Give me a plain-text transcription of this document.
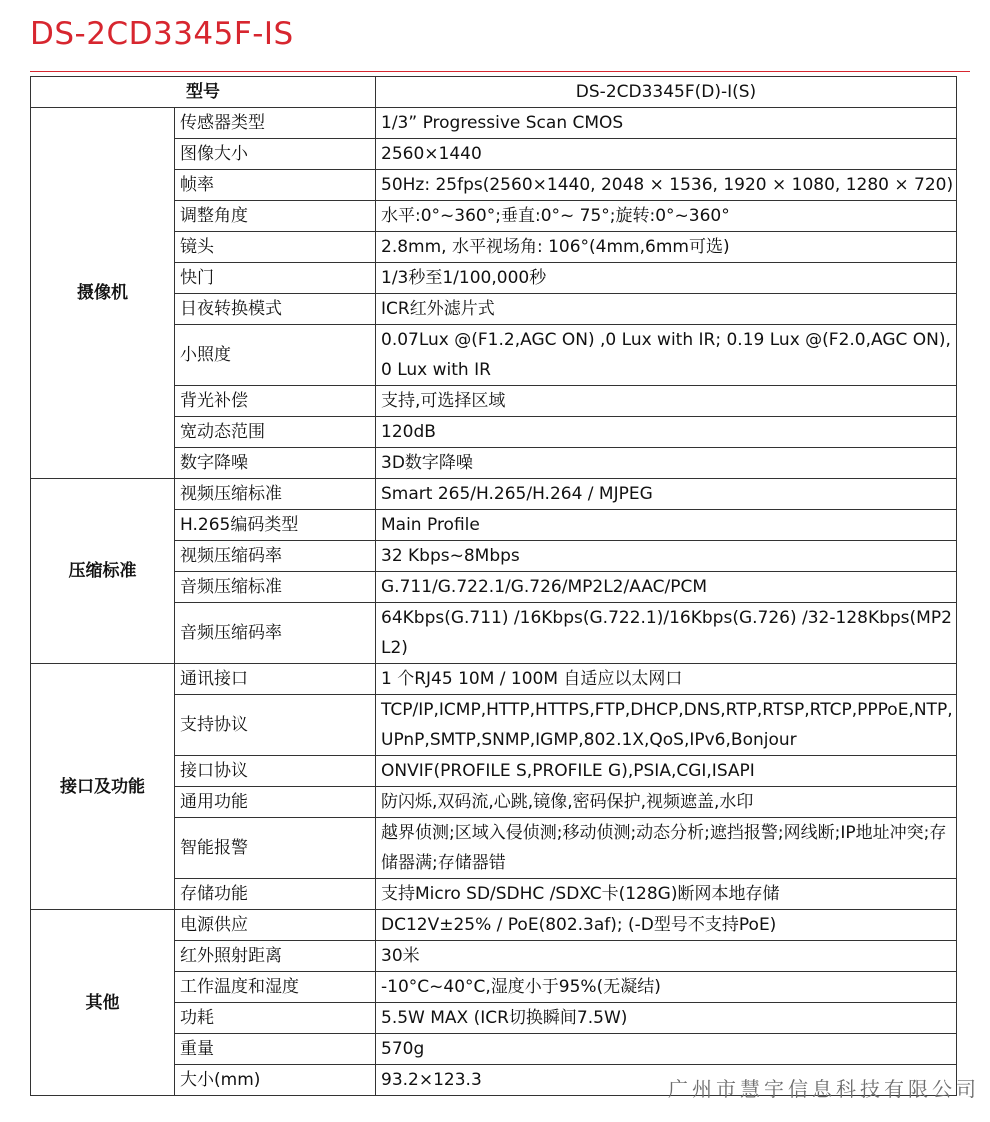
DS-2CD3345F-IS
型号		DS-2CD3345F(D)-I(S)
摄像机	传感器类型	1/3” Progressive Scan CMOS
	图像大小	2560×1440
	帧率	50Hz: 25fps(2560×1440, 2048 × 1536, 1920 × 1080, 1280 × 720)
	调整角度	水平:0°~360°;垂直:0°~ 75°;旋转:0°~360°
	镜头	2.8mm, 水平视场角: 106°(4mm,6mm可选)
	快门	1/3秒至1/100,000秒
	日夜转换模式	ICR红外滤片式
	小照度	0.07Lux @(F1.2,AGC ON) ,0 Lux with IR; 0.19 Lux @(F2.0,AGC ON), 0 Lux with IR
	背光补偿	支持,可选择区域
	宽动态范围	120dB
	数字降噪	3D数字降噪
压缩标准	视频压缩标准	Smart 265/H.265/H.264 / MJPEG
	H.265编码类型	Main Profile
	视频压缩码率	32 Kbps~8Mbps
	音频压缩标准	G.711/G.722.1/G.726/MP2L2/AAC/PCM
	音频压缩码率	64Kbps(G.711) /16Kbps(G.722.1)/16Kbps(G.726) /32-128Kbps(MP2L2)
接口及功能	通讯接口	1 个RJ45 10M / 100M 自适应以太网口
	支持协议	TCP/IP,ICMP,HTTP,HTTPS,FTP,DHCP,DNS,RTP,RTSP,RTCP,PPPoE,NTP,UPnP,SMTP,SNMP,IGMP,802.1X,QoS,IPv6,Bonjour
	接口协议	ONVIF(PROFILE S,PROFILE G),PSIA,CGI,ISAPI
	通用功能	防闪烁,双码流,心跳,镜像,密码保护,视频遮盖,水印
	智能报警	越界侦测;区域入侵侦测;移动侦测;动态分析;遮挡报警;网线断;IP地址冲突;存储器满;存储器错
	存储功能	支持Micro SD/SDHC /SDXC卡(128G)断网本地存储
其他	电源供应	DC12V±25% / PoE(802.3af); (-D型号不支持PoE)
	红外照射距离	30米
	工作温度和湿度	-10°C~40°C,湿度小于95%(无凝结)
	功耗	5.5W MAX (ICR切换瞬间7.5W)
	重量	570g
	大小(mm)	93.2×123.3	广州市慧宇信息科技有限公司
